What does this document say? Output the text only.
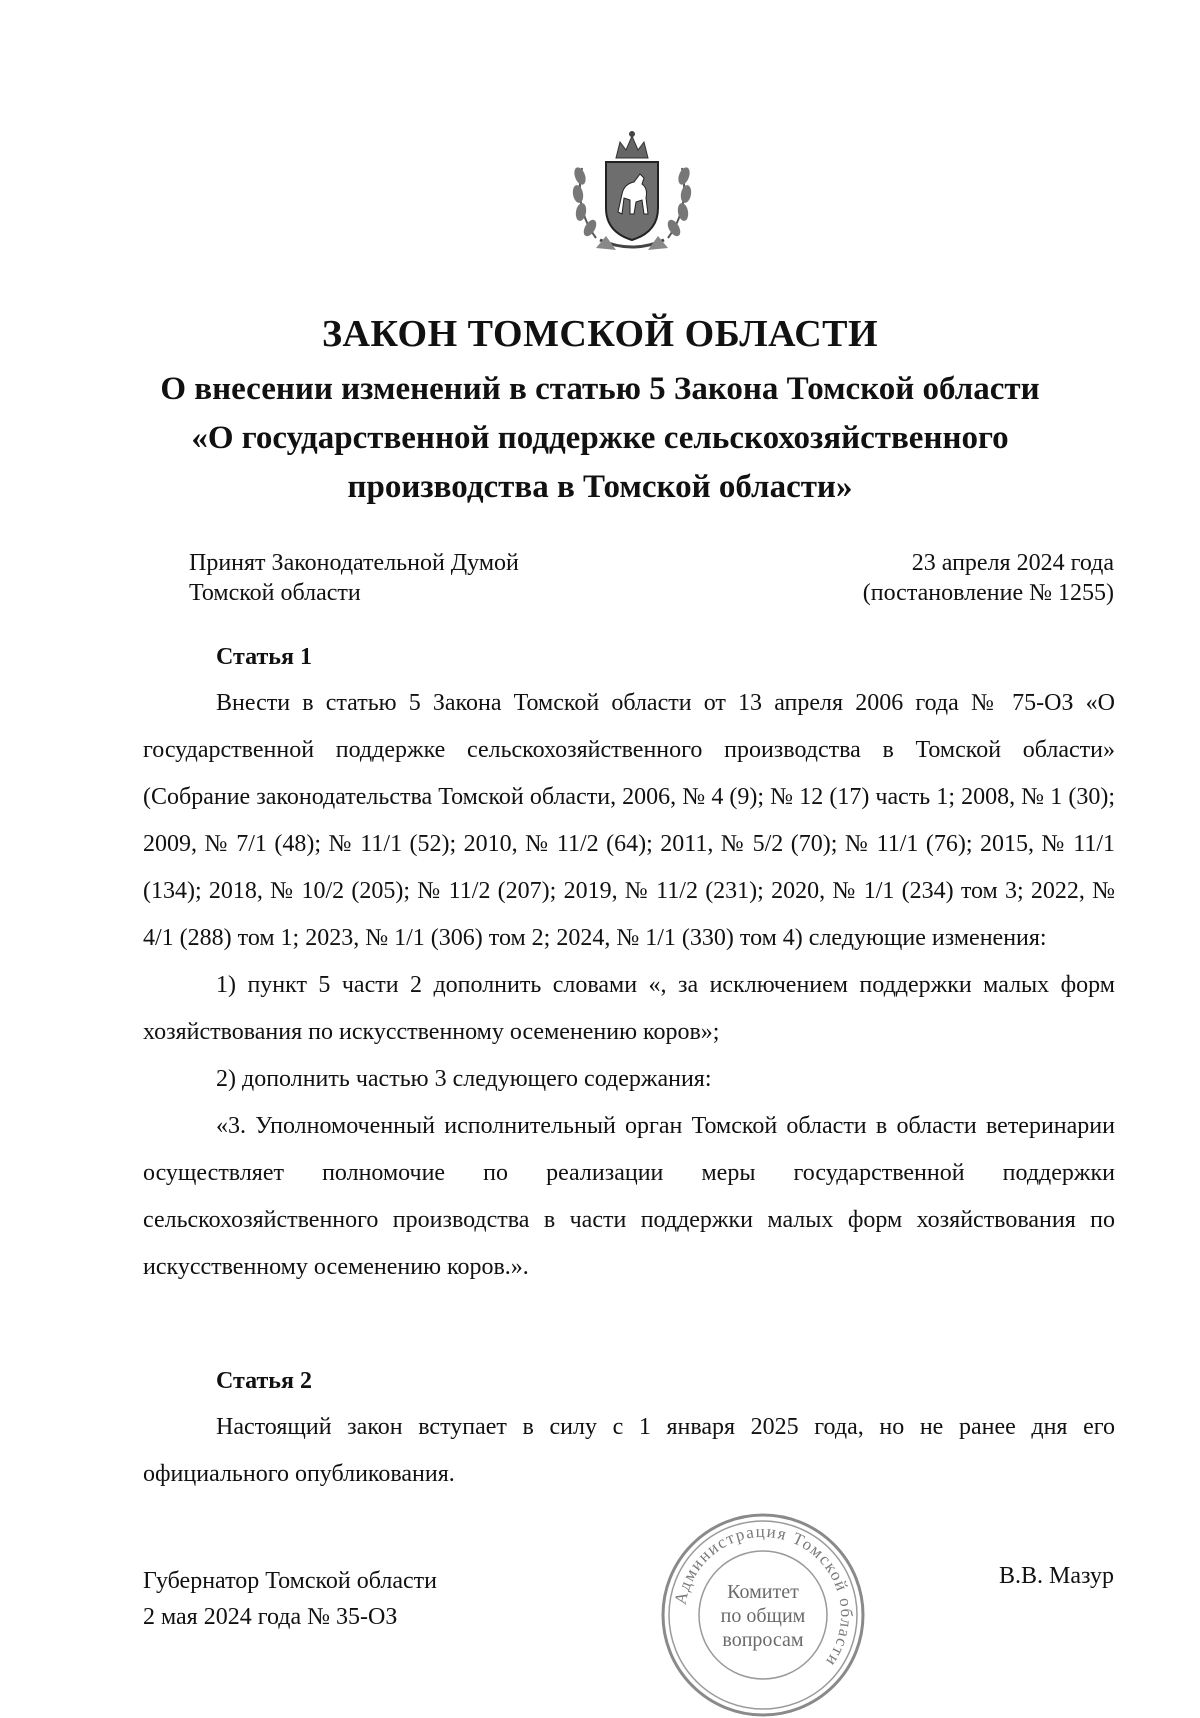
ЗАКОН ТОМСКОЙ ОБЛАСТИ
О внесении изменений в статью 5 Закона Томской области
«О государственной поддержке сельскохозяйственного
производства в Томской области»
Принят Законодательной Думой
Томской области
23 апреля 2024 года
(постановление № 1255)
Статья 1

Внести в статью 5 Закона Томской области от 13 апреля 2006 года № 75-ОЗ «О государственной поддержке сельскохозяйственного производства в Томской области» (Собрание законодательства Томской области, 2006, № 4 (9); № 12 (17) часть 1; 2008, № 1 (30); 2009, № 7/1 (48); № 11/1 (52); 2010, № 11/2 (64); 2011, № 5/2 (70); № 11/1 (76); 2015, № 11/1 (134); 2018, № 10/2 (205); № 11/2 (207); 2019, № 11/2 (231); 2020, № 1/1 (234) том 3; 2022, № 4/1 (288) том 1; 2023, № 1/1 (306) том 2; 2024, № 1/1 (330) том 4) следующие изменения:

1) пункт 5 части 2 дополнить словами «, за исключением поддержки малых форм хозяйствования по искусственному осеменению коров»;

2) дополнить частью 3 следующего содержания:

«3. Уполномоченный исполнительный орган Томской области в области ветеринарии осуществляет полномочие по реализации меры государственной поддержки сельскохозяйственного производства в части поддержки малых форм хозяйствования по искусственному осеменению коров.».

Статья 2

Настоящий закон вступает в силу с 1 января 2025 года, но не ранее дня его официального опубликования.

Губернатор Томской области
2 мая 2024 года № 35-ОЗ
В.В. Мазур
Администрация Томской области
Комитет
по общим
вопросам
